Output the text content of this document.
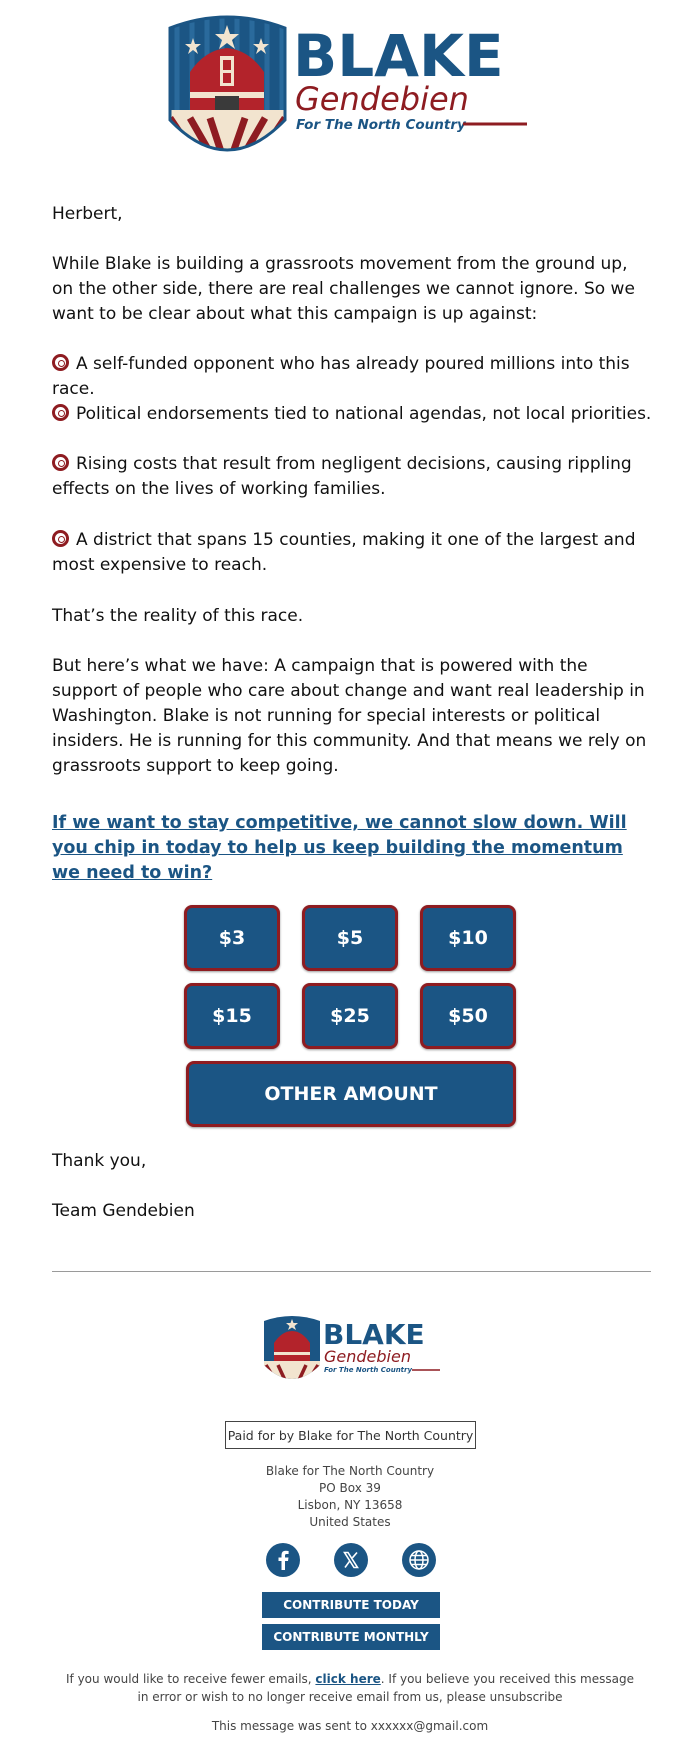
BLAKE
Gendebien
For The North Country

Herbert,

While Blake is building a grassroots movement from the ground up, on the other side, there are real challenges we cannot ignore. So we want to be clear about what this campaign is up against:

A self-funded opponent who has already poured millions into this race.

Political endorsements tied to national agendas, not local priorities.

Rising costs that result from negligent decisions, causing rippling effects on the lives of working families.

A district that spans 15 counties, making it one of the largest and most expensive to reach.

That’s the reality of this race.

But here’s what we have: A campaign that is powered with the support of people who care about change and want real leadership in Washington. Blake is not running for special interests or political insiders. He is running for this community. And that means we rely on grassroots support to keep going.

If we want to stay competitive, we cannot slow down. Will you chip in today to help us keep building the momentum we need to win?

$3	$5	$10
$15	$25	$50
OTHER AMOUNT

Thank you,

Team Gendebien

BLAKE
Gendebien
For The North Country
Paid for by Blake for The North Country
Blake for The North Country
PO Box 39
Lisbon, NY 13658
United States
CONTRIBUTE TODAY
CONTRIBUTE MONTHLY
If you would like to receive fewer emails, click here. If you believe you received this message in error or wish to no longer receive email from us, please unsubscribe
This message was sent to xxxxxx@gmail.com
